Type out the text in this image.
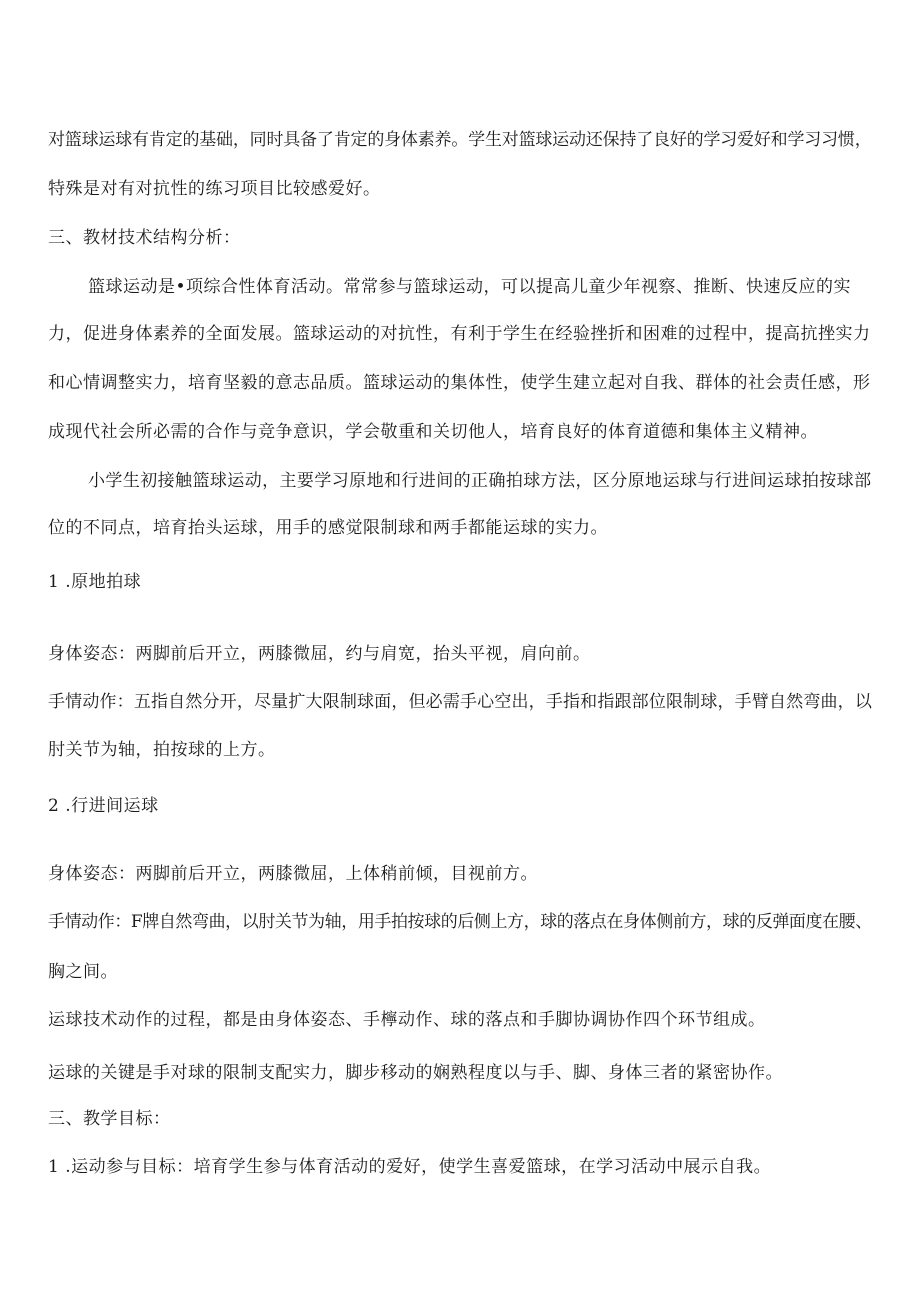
对篮球运球有肯定的基础，同时具备了肯定的身体素养。学生对篮球运动还保持了良好的学习爱好和学习习惯，
特殊是对有对抗性的练习项目比较感爱好。
三、教材技术结构分析：
篮球运动是•项综合性体育活动。常常参与篮球运动，可以提高儿童少年视察、推断、快速反应的实
力，促进身体素养的全面发展。篮球运动的对抗性，有利于学生在经验挫折和困难的过程中，提高抗挫实力
和心情调整实力，培育坚毅的意志品质。篮球运动的集体性，使学生建立起对自我、群体的社会责任感，形
成现代社会所必需的合作与竞争意识，学会敬重和关切他人，培育良好的体育道德和集体主义精神。
小学生初接触篮球运动，主要学习原地和行进间的正确拍球方法，区分原地运球与行进间运球拍按球部
位的不同点，培育抬头运球，用手的感觉限制球和两手都能运球的实力。
1 .原地拍球
身体姿态：两脚前后开立，两膝微屈，约与肩宽，抬头平视，肩向前。
手情动作：五指自然分开，尽量扩大限制球面，但必需手心空出，手指和指跟部位限制球，手臂自然弯曲，以
肘关节为轴，拍按球的上方。
2 .行进间运球
身体姿态：两脚前后开立，两膝微屈，上体稍前倾，目视前方。
手情动作：F牌自然弯曲，以肘关节为轴，用手拍按球的后侧上方，球的落点在身体侧前方，球的反弹面度在腰、
胸之间。
运球技术动作的过程，都是由身体姿态、手檸动作、球的落点和手脚协调协作四个环节组成。
运球的关键是手对球的限制支配实力，脚步移动的娴熟程度以与手、脚、身体三者的紧密协作。
三、教学目标：
1 .运动参与目标：培育学生参与体育活动的爱好，使学生喜爱篮球，在学习活动中展示自我。
